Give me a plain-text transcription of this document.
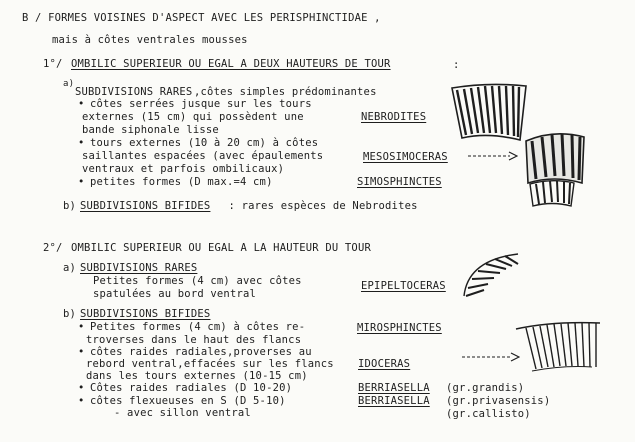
B / FORMES VOISINES D'ASPECT AVEC LES PERISPHINCTIDAE ,
mais à côtes ventrales mousses
1°/ OMBILIC SUPERIEUR OU EGAL A DEUX HAUTEURS DE TOUR	:
a)
SUBDIVISIONS RARES ,côtes simples prédominantes
• côtes serrées jusque sur les tours
externes (15 cm) qui possèdent une
bande siphonale lisse
NEBRODITES
• tours externes (10 à 20 cm) à côtes
saillantes espacées (avec épaulements
ventraux et parfois ombilicaux)
MESOSIMOCERAS
• petites formes (D max.=4 cm)	SIMOSPHINCTES
b) SUBDIVISIONS BIFIDES : rares espèces de Nebrodites
2°/ OMBILIC SUPERIEUR OU EGAL A LA HAUTEUR DU TOUR
a) SUBDIVISIONS RARES
Petites formes (4 cm) avec côtes
spatulées au bord ventral
EPIPELTOCERAS
b) SUBDIVISIONS BIFIDES
• Petites formes (4 cm) à côtes re-
troverses dans le haut des flancs
MIROSPHINCTES
• côtes raides radiales,proverses au
rebord ventral,effacées sur les flancs
dans les tours externes (10-15 cm)
IDOCERAS
• Côtes raides radiales (D 10-20)	BERRIASELLA (gr.grandis)
• côtes flexueuses en S (D 5-10)	BERRIASELLA (gr.privasensis)
- avec sillon ventral	(gr.callisto)
